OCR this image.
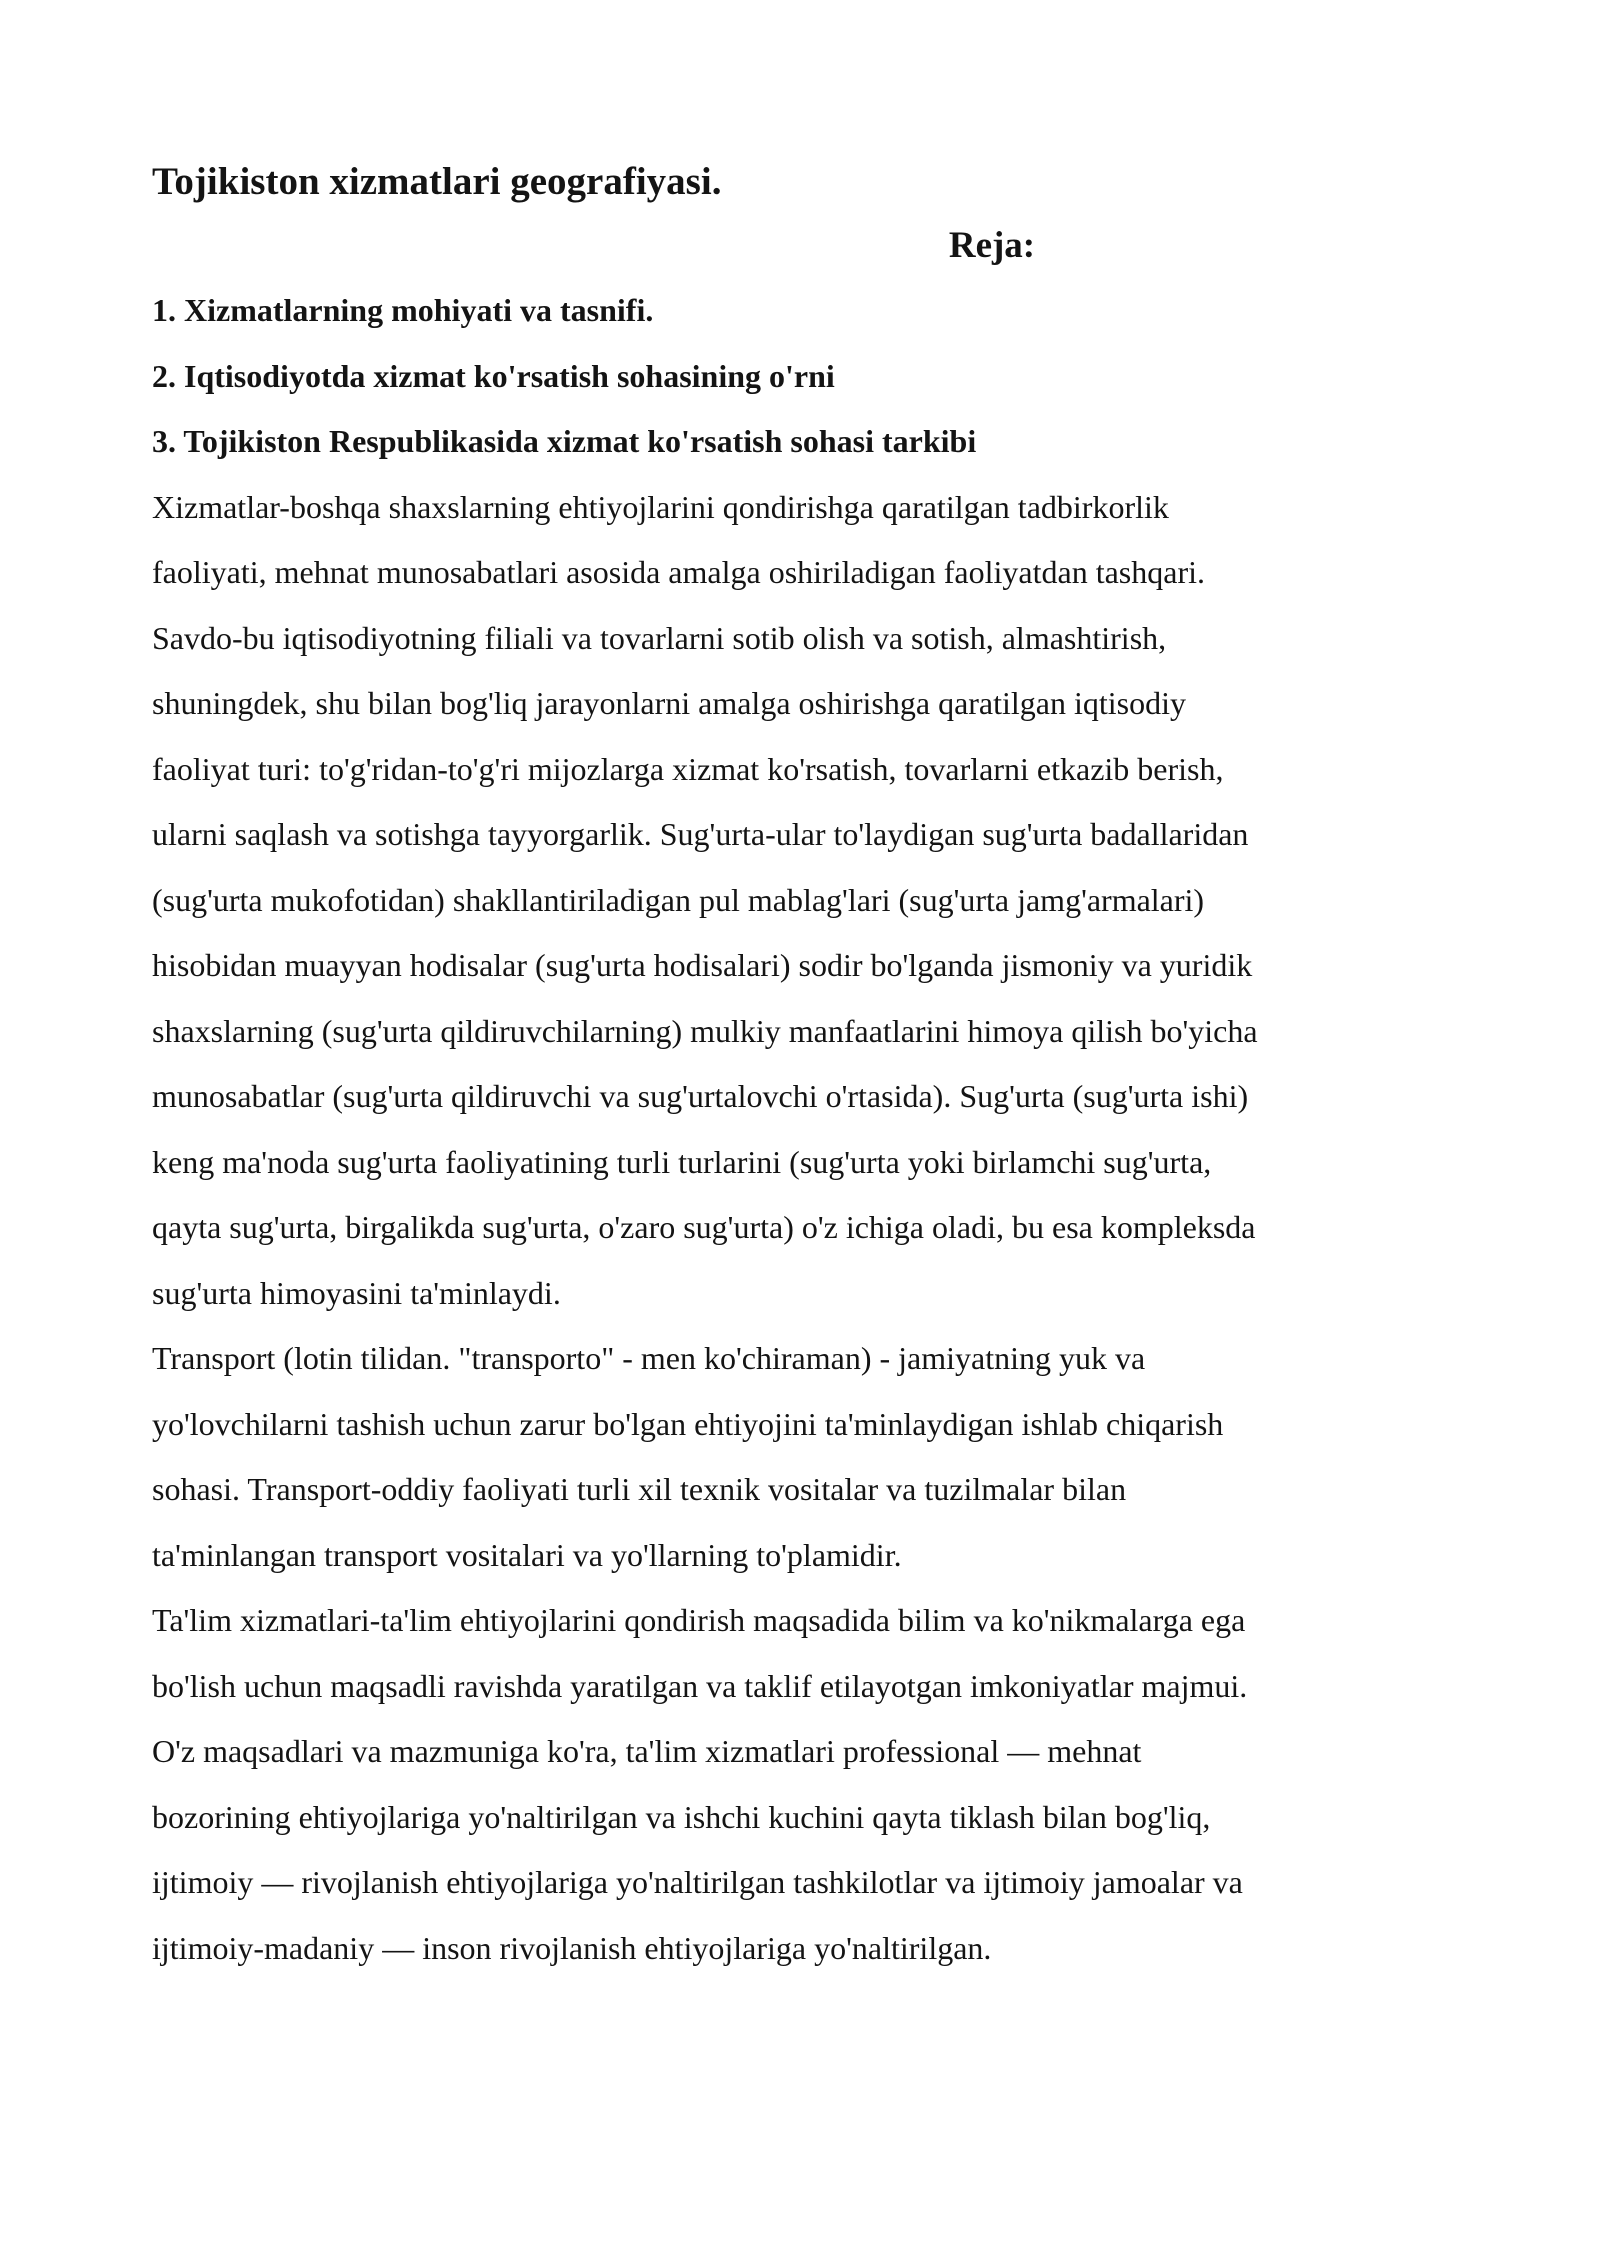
Tojikiston xizmatlari geografiyasi.
Reja:
1. Xizmatlarning mohiyati va tasnifi.
2. Iqtisodiyotda xizmat ko'rsatish sohasining o'rni
3. Tojikiston Respublikasida xizmat ko'rsatish sohasi tarkibi

Xizmatlar-boshqa shaxslarning ehtiyojlarini qondirishga qaratilgan tadbirkorlik
faoliyati, mehnat munosabatlari asosida amalga oshiriladigan faoliyatdan tashqari.
Savdo-bu iqtisodiyotning filiali va tovarlarni sotib olish va sotish, almashtirish,
shuningdek, shu bilan bog'liq jarayonlarni amalga oshirishga qaratilgan iqtisodiy
faoliyat turi: to'g'ridan-to'g'ri mijozlarga xizmat ko'rsatish, tovarlarni etkazib berish,
ularni saqlash va sotishga tayyorgarlik. Sug'urta-ular to'laydigan sug'urta badallaridan
(sug'urta mukofotidan) shakllantiriladigan pul mablag'lari (sug'urta jamg'armalari)
hisobidan muayyan hodisalar (sug'urta hodisalari) sodir bo'lganda jismoniy va yuridik
shaxslarning (sug'urta qildiruvchilarning) mulkiy manfaatlarini himoya qilish bo'yicha
munosabatlar (sug'urta qildiruvchi va sug'urtalovchi o'rtasida). Sug'urta (sug'urta ishi)
keng ma'noda sug'urta faoliyatining turli turlarini (sug'urta yoki birlamchi sug'urta,
qayta sug'urta, birgalikda sug'urta, o'zaro sug'urta) o'z ichiga oladi, bu esa kompleksda
sug'urta himoyasini ta'minlaydi.

Transport (lotin tilidan. "transporto" - men ko'chiraman) - jamiyatning yuk va
yo'lovchilarni tashish uchun zarur bo'lgan ehtiyojini ta'minlaydigan ishlab chiqarish
sohasi. Transport-oddiy faoliyati turli xil texnik vositalar va tuzilmalar bilan
ta'minlangan transport vositalari va yo'llarning to'plamidir.

Ta'lim xizmatlari-ta'lim ehtiyojlarini qondirish maqsadida bilim va ko'nikmalarga ega
bo'lish uchun maqsadli ravishda yaratilgan va taklif etilayotgan imkoniyatlar majmui.
O'z maqsadlari va mazmuniga ko'ra, ta'lim xizmatlari professional — mehnat
bozorining ehtiyojlariga yo'naltirilgan va ishchi kuchini qayta tiklash bilan bog'liq,
ijtimoiy — rivojlanish ehtiyojlariga yo'naltirilgan tashkilotlar va ijtimoiy jamoalar va
ijtimoiy-madaniy — inson rivojlanish ehtiyojlariga yo'naltirilgan.
